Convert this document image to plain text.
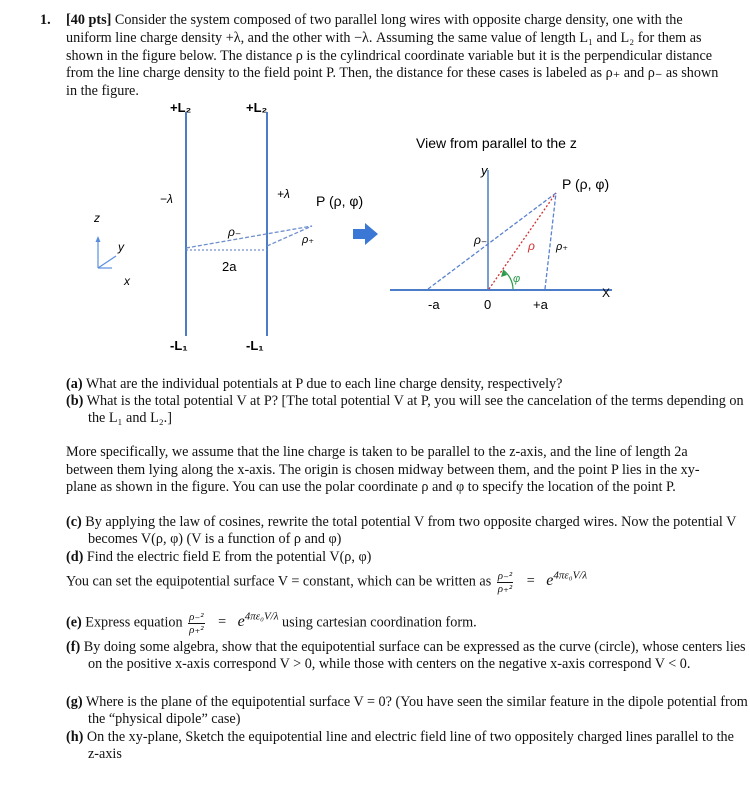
1. [40 pts] Consider the system composed of two parallel long wires with opposite charge density, one with the uniform line charge density +λ, and the other with −λ. Assuming the same value of length L₁ and L₂ for them as shown in the figure below. The distance ρ is the cylindrical coordinate variable but it is the perpendicular distance from the line charge density to the field point P. Then, the distance for these cases is labeled as ρ₊ and ρ₋ as shown in the figure.
+L₂	+L₂
-L₁	-L₁
−λ	+λ P (ρ, φ)
ρ₋
ρ₊
2a
z
y
x
View from parallel to the z
y
X
P (ρ, φ)
ρ₋	ρ ρ₊
φ
-a	0	+a
(a) What are the individual potentials at P due to each line charge density, respectively?
(b) What is the total potential V at P? [The total potential V at P, you will see the cancelation of the terms depending on the L₁ and L₂.]
More specifically, we assume that the line charge is taken to be parallel to the z-axis, and the line of length 2a between them lying along the x-axis. The origin is chosen midway between them, and the point P lies in the xy-plane as shown in the figure. You can use the polar coordinate ρ and φ to specify the location of the point P.
(c) By applying the law of cosines, rewrite the total potential V from two opposite charged wires. Now the potential V becomes V(ρ, φ) (V is a function of ρ and φ)
(d) Find the electric field E from the potential V(ρ, φ)
You can set the equipotential surface V = constant, which can be written as $\frac{\text{ρ₋²}}{\text{ρ₊²}} = e^{4\pi\varepsilon_0V/\lambda}$
(e) Express equation $\frac{\text{ρ₋²}}{\text{ρ₊²}} = e^{4\pi\varepsilon_0V/\lambda}$ using cartesian coordination form.
(f) By doing some algebra, show that the equipotential surface can be expressed as the curve (circle), whose centers lies on the positive x-axis correspond V > 0, while those with centers on the negative x-axis correspond V < 0.
(g) Where is the plane of the equipotential surface V = 0? (You have seen the similar feature in the dipole potential from the “physical dipole” case)
(h) On the xy-plane, Sketch the equipotential line and electric field line of two oppositely charged lines parallel to the z-axis
